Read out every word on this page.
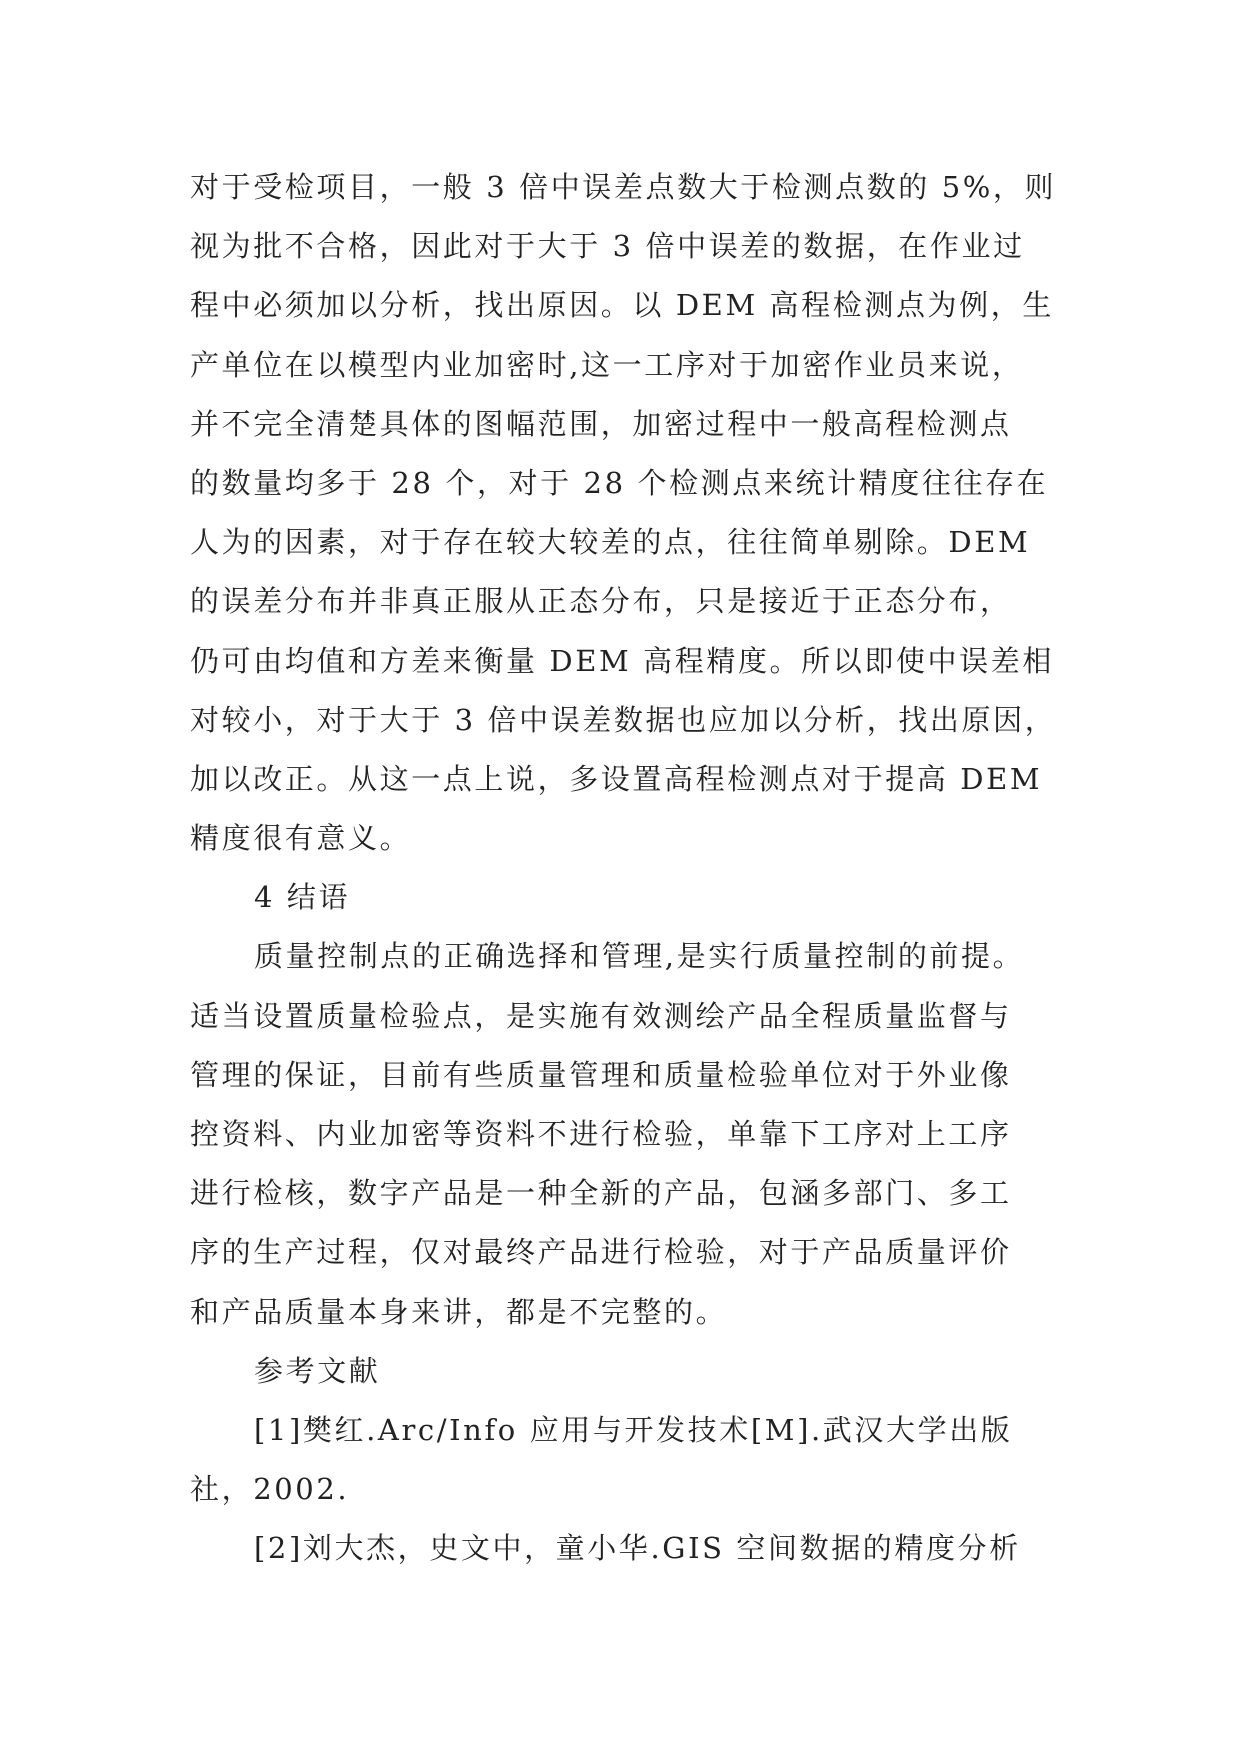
对于受检项目，一般 3 倍中误差点数大于检测点数的 5%，则
视为批不合格，因此对于大于 3 倍中误差的数据，在作业过
程中必须加以分析，找出原因。以 DEM 高程检测点为例，生
产单位在以模型内业加密时,这一工序对于加密作业员来说，
并不完全清楚具体的图幅范围，加密过程中一般高程检测点
的数量均多于 28 个，对于 28 个检测点来统计精度往往存在
人为的因素，对于存在较大较差的点，往往简单剔除。DEM
的误差分布并非真正服从正态分布，只是接近于正态分布，
仍可由均值和方差来衡量 DEM 高程精度。所以即使中误差相
对较小，对于大于 3 倍中误差数据也应加以分析，找出原因，
加以改正。从这一点上说，多设置高程检测点对于提高 DEM
精度很有意义。
4 结语
质量控制点的正确选择和管理,是实行质量控制的前提。
适当设置质量检验点，是实施有效测绘产品全程质量监督与
管理的保证，目前有些质量管理和质量检验单位对于外业像
控资料、内业加密等资料不进行检验，单靠下工序对上工序
进行检核，数字产品是一种全新的产品，包涵多部门、多工
序的生产过程，仅对最终产品进行检验，对于产品质量评价
和产品质量本身来讲，都是不完整的。
参考文献
[1]樊红.Arc/Info 应用与开发技术[M].武汉大学出版
社，2002.
[2]刘大杰，史文中，童小华.GIS 空间数据的精度分析
